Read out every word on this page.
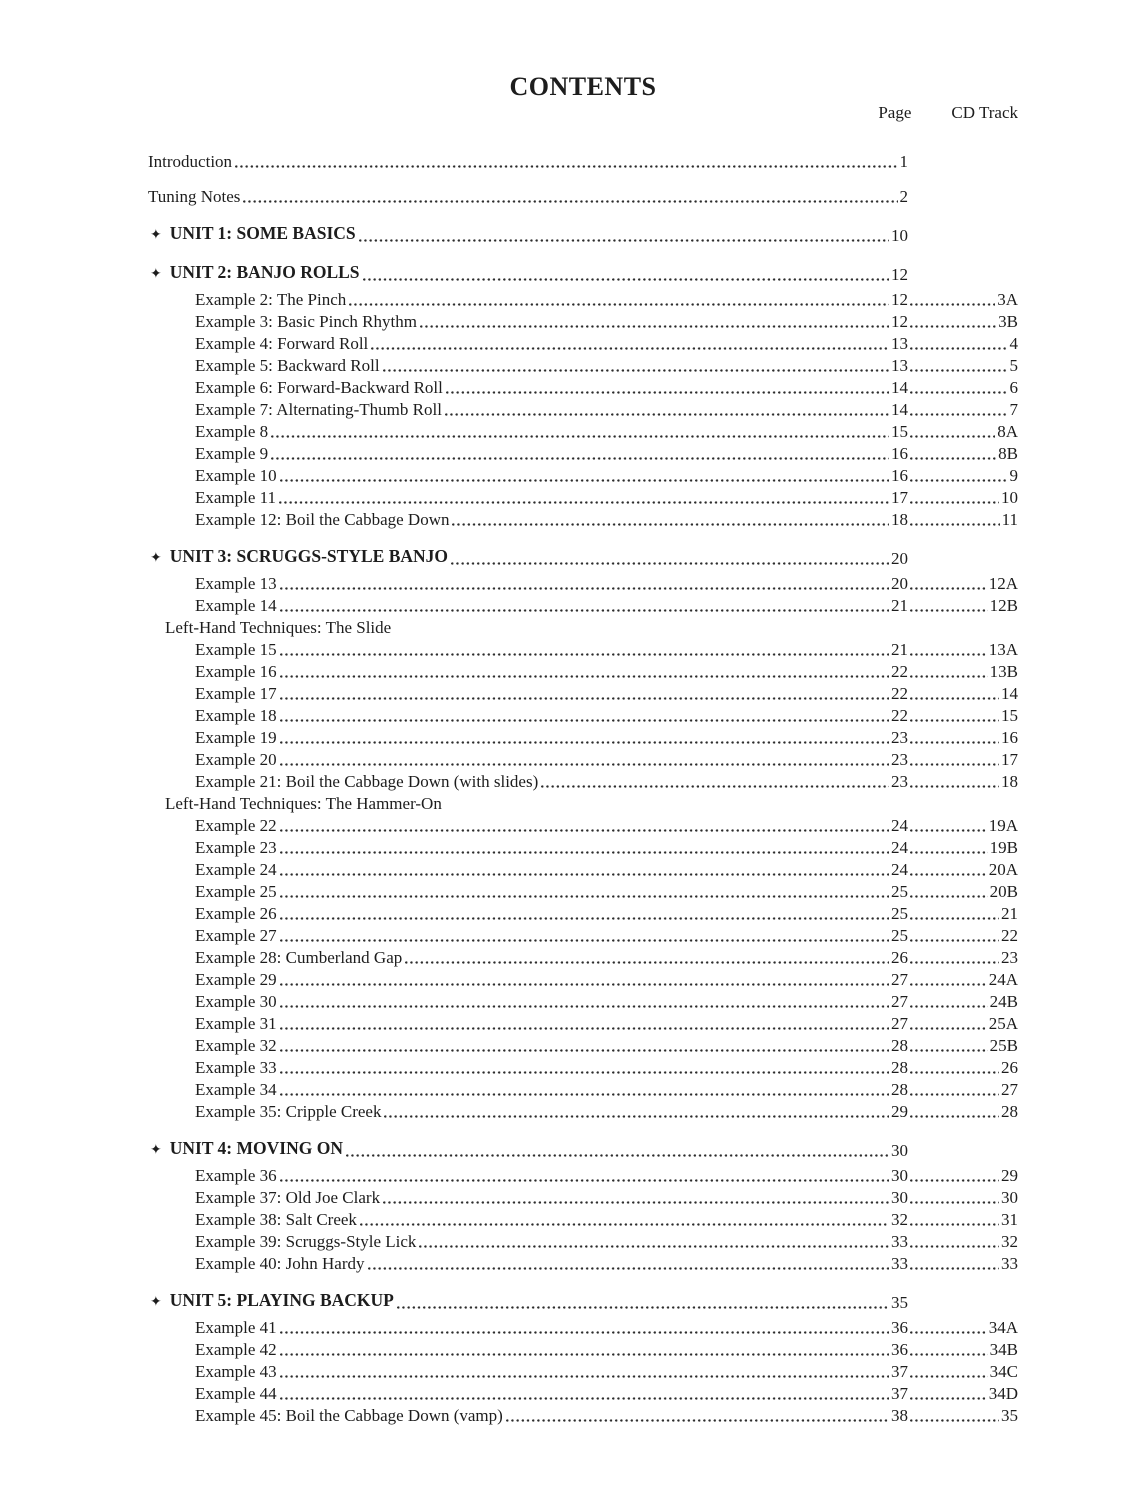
CONTENTS
Page CD Track
Introduction	1
Tuning Notes	2
✦ UNIT 1: SOME BASICS	10
✦ UNIT 2: BANJO ROLLS	12
Example 2: The Pinch	12	3A
Example 3: Basic Pinch Rhythm	12	3B
Example 4: Forward Roll	13	4
Example 5: Backward Roll	13	5
Example 6: Forward-Backward Roll	14	6
Example 7: Alternating-Thumb Roll	14	7
Example 8	15	8A
Example 9	16	8B
Example 10	16	9
Example 11	17	10
Example 12: Boil the Cabbage Down	18	11
✦ UNIT 3: SCRUGGS-STYLE BANJO	20
Example 13	20	12A
Example 14	21	12B
Left-Hand Techniques: The Slide
Example 15	21	13A
Example 16	22	13B
Example 17	22	14
Example 18	22	15
Example 19	23	16
Example 20	23	17
Example 21: Boil the Cabbage Down (with slides)	23	18
Left-Hand Techniques: The Hammer-On
Example 22	24	19A
Example 23	24	19B
Example 24	24	20A
Example 25	25	20B
Example 26	25	21
Example 27	25	22
Example 28: Cumberland Gap	26	23
Example 29	27	24A
Example 30	27	24B
Example 31	27	25A
Example 32	28	25B
Example 33	28	26
Example 34	28	27
Example 35: Cripple Creek	29	28
✦ UNIT 4: MOVING ON	30
Example 36	30	29
Example 37: Old Joe Clark	30	30
Example 38: Salt Creek	32	31
Example 39: Scruggs-Style Lick	33	32
Example 40: John Hardy	33	33
✦ UNIT 5: PLAYING BACKUP	35
Example 41	36	34A
Example 42	36	34B
Example 43	37	34C
Example 44	37	34D
Example 45: Boil the Cabbage Down (vamp)	38	35
